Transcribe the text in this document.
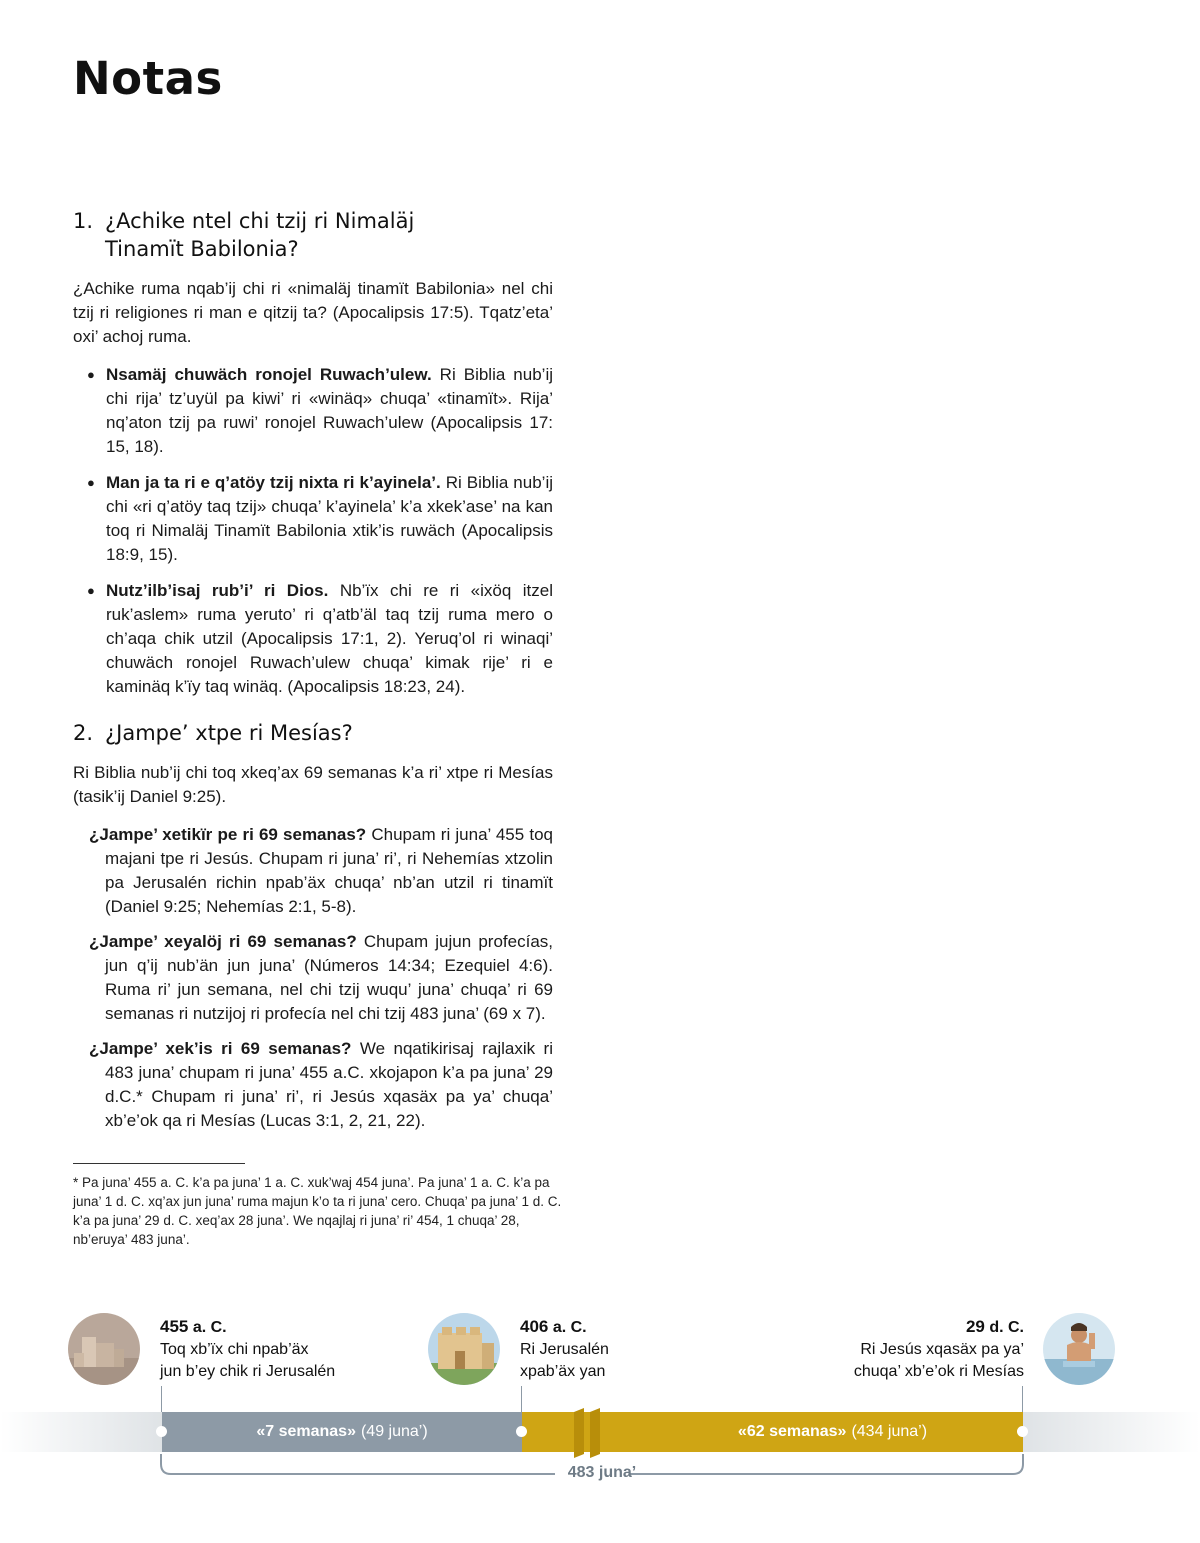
Notas
1. ¿Achike ntel chi tzij ri Nimaläj
Tinamït Babilonia?

¿Achike ruma nqab’ij chi ri «nimaläj tinamït Babilonia» nel chi tzij ri religiones ri man e qitzij ta? (Apocalipsis 17:5). Tqatz’eta’ oxi’ achoj ruma.

● Nsamäj chuwäch ronojel Ruwach’ulew. Ri Biblia nub’ij chi rija’ tz’uyül pa kiwi’ ri «winäq» chuqa’ «tinamït». Rija’ nq’aton tzij pa ruwi’ ronojel Ruwach’ulew (Apocalipsis 17: 15, 18).
● Man ja ta ri e q’atöy tzij nixta ri k’ayinela’. Ri Biblia nub’ij chi «ri q’atöy taq tzij» chuqa’ k’ayinela’ k’a xkek’ase’ na kan toq ri Nimaläj Tinamït Babilonia xtik’is ruwäch (Apocalipsis 18:9, 15).
● Nutz’ilb’isaj rub’i’ ri Dios. Nb’ïx chi re ri «ixöq itzel ruk’aslem» ruma yeruto’ ri q’atb’äl taq tzij ruma mero o ch’aqa chik utzil (Apocalipsis 17:1, 2). Yeruq’ol ri winaqi’ chuwäch ronojel Ruwach’ulew chuqa’ kimak rije’ ri e kaminäq k’ïy taq winäq. (Apocalipsis 18:23, 24).
2. ¿Jampe’ xtpe ri Mesías?

Ri Biblia nub’ij chi toq xkeq’ax 69 semanas k’a ri’ xtpe ri Mesías (tasik’ij Daniel 9:25).

¿Jampe’ xetikïr pe ri 69 semanas? Chupam ri juna’ 455 toq majani tpe ri Jesús. Chupam ri juna’ ri’, ri Nehemías xtzolin pa Jerusalén richin npab’äx chuqa’ nb’an utzil ri tinamït (Daniel 9:25; Nehemías 2:1, 5-8).

¿Jampe’ xeyalöj ri 69 semanas? Chupam jujun profecías, jun q’ij nub’än jun juna’ (Números 14:34; Ezequiel 4:6). Ruma ri’ jun semana, nel chi tzij wuqu’ juna’ chuqa’ ri 69 semanas ri nutzijoj ri profecía nel chi tzij 483 juna’ (69 x 7).

¿Jampe’ xek’is ri 69 semanas? We nqatikirisaj rajlaxik ri 483 juna’ chupam ri juna’ 455 a.C. xkojapon k’a pa juna’ 29 d.C.* Chupam ri juna’ ri’, ri Jesús xqasäx pa ya’ chuqa’ xb’e’ok qa ri Mesías (Lucas 3:1, 2, 21, 22).

* Pa juna’ 455 a. C. k’a pa juna’ 1 a. C. xuk’waj 454 juna’. Pa juna’ 1 a. C. k’a pa juna’ 1 d. C. xq’ax jun juna’ ruma majun k’o ta ri juna’ cero. Chuqa’ pa juna’ 1 d. C. k’a pa juna’ 29 d. C. xeq’ax 28 juna’. We nqajlaj ri juna’ ri’ 454, 1 chuqa’ 28, nb’eruya’ 483 juna’.

455 a. C.
Toq xb’ïx chi npab’äx
jun b’ey chik ri Jerusalén
406 a. C.
Ri Jerusalén
xpab’äx yan
29 d. C.
Ri Jesús xqasäx pa ya’
chuqa’ xb’e’ok ri Mesías
«7 semanas» (49 juna’)	«62 semanas» (434 juna’)
483 juna’
